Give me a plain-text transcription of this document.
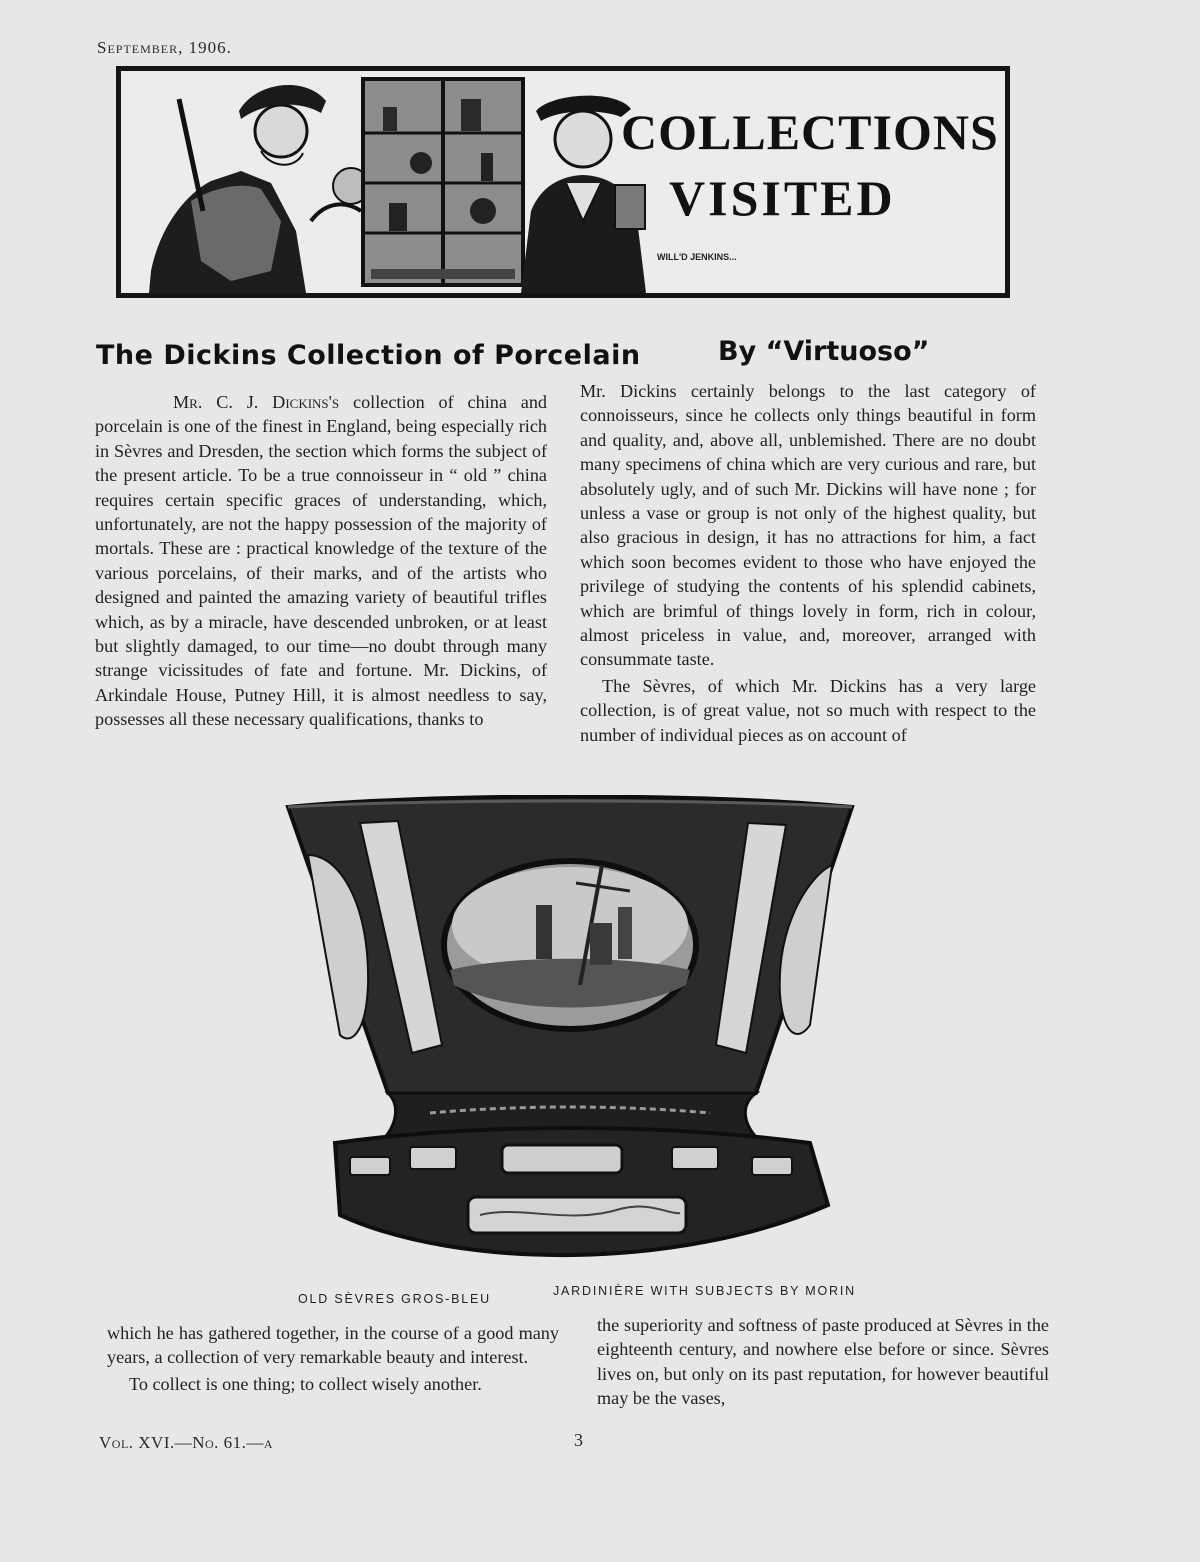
September, 1906.
COLLECTIONS
VISITED
WILL'D JENKINS...
The Dickins Collection of Porcelain	By “Virtuoso”

Mr. C. J. Dickins's collection of china and porcelain is one of the finest in England, being especially rich in Sèvres and Dresden, the section which forms the subject of the present article. To be a true connoisseur in “ old ” china requires certain specific graces of understanding, which, unfortunately, are not the happy possession of the majority of mortals. These are : practical knowledge of the texture of the various porcelains, of their marks, and of the artists who designed and painted the amazing variety of beautiful trifles which, as by a miracle, have descended unbroken, or at least but slightly damaged, to our time—no doubt through many strange vicissitudes of fate and fortune. Mr. Dickins, of Arkindale House, Putney Hill, it is almost needless to say, possesses all these necessary qualifications, thanks to

Mr. Dickins certainly belongs to the last category of connoisseurs, since he collects only things beautiful in form and quality, and, above all, unblemished. There are no doubt many specimens of china which are very curious and rare, but absolutely ugly, and of such Mr. Dickins will have none ; for unless a vase or group is not only of the highest quality, but also gracious in design, it has no attractions for him, a fact which soon becomes evident to those who have enjoyed the privilege of studying the contents of his splendid cabinets, which are brimful of things lovely in form, rich in colour, almost priceless in value, and, moreover, arranged with consummate taste.

The Sèvres, of which Mr. Dickins has a very large collection, is of great value, not so much with respect to the number of individual pieces as on account of

OLD SÈVRES GROS-BLEU
JARDINIÈRE WITH SUBJECTS BY MORIN

which he has gathered together, in the course of a good many years, a collection of very remarkable beauty and interest.

To collect is one thing; to collect wisely another.

the superiority and softness of paste produced at Sèvres in the eighteenth century, and nowhere else before or since. Sèvres lives on, but only on its past reputation, for however beautiful may be the vases,

Vol. XVI.—No. 61.—a	3
